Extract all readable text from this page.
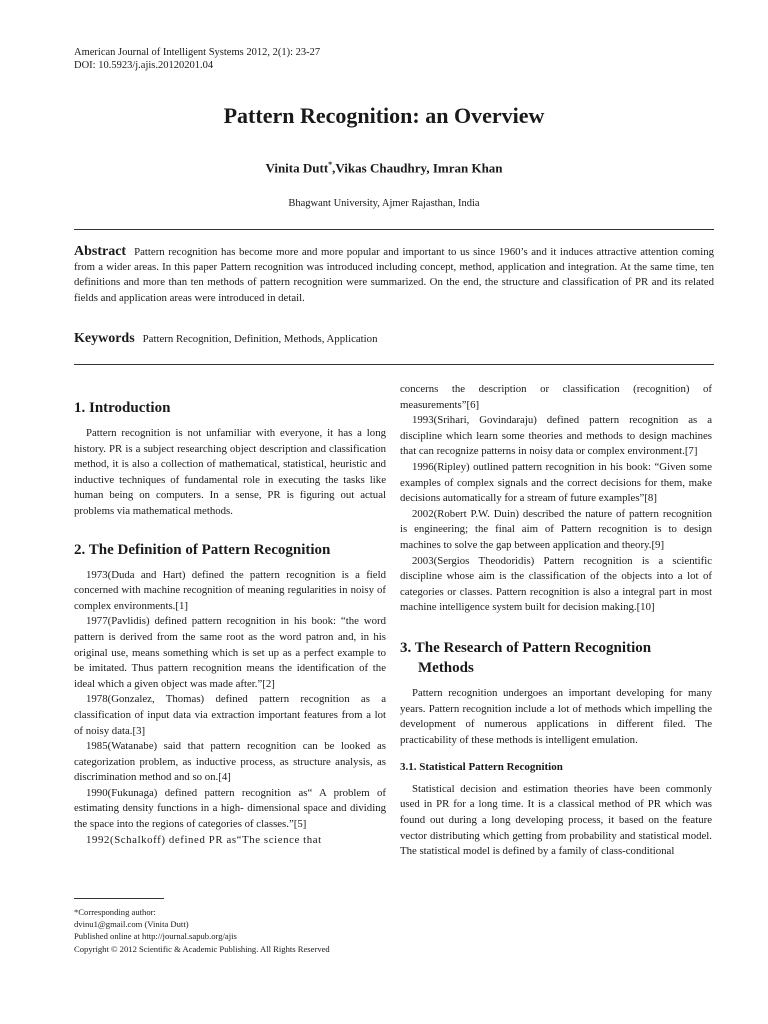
American Journal of Intelligent Systems 2012, 2(1): 23-27
DOI: 10.5923/j.ajis.20120201.04
Pattern Recognition: an Overview
Vinita Dutt*,Vikas Chaudhry, Imran Khan
Bhagwant University, Ajmer Rajasthan, India
Abstract Pattern recognition has become more and more popular and important to us since 1960’s and it induces attractive attention coming from a wider areas. In this paper Pattern recognition was introduced including concept, method, application and integration. At the same time, ten definitions and more than ten methods of pattern recognition were summarized. On the end, the structure and classification of PR and its related fields and application areas were introduced in detail.
Keywords Pattern Recognition, Definition, Methods, Application
1. Introduction

Pattern recognition is not unfamiliar with everyone, it has a long history. PR is a subject researching object description and classification method, it is also a collection of mathematical, statistical, heuristic and inductive techniques of fundamental role in executing the tasks like human being on computers. In a sense, PR is figuring out actual problems via mathematical methods.

2. The Definition of Pattern Recognition

1973(Duda and Hart) defined the pattern recognition is a field concerned with machine recognition of meaning regularities in noisy of complex environments.[1]

1977(Pavlidis) defined pattern recognition in his book: “the word pattern is derived from the same root as the word patron and, in his original use, means something which is set up as a perfect example to be imitated. Thus pattern recognition means the identification of the ideal which a given object was made after.”[2]

1978(Gonzalez, Thomas) defined pattern recognition as a classification of input data via extraction important features from a lot of noisy data.[3]

1985(Watanabe) said that pattern recognition can be looked as categorization problem, as inductive process, as structure analysis, as discrimination method and so on.[4]

1990(Fukunaga) defined pattern recognition as“ A problem of estimating density functions in a high- dimensional space and dividing the space into the regions of categories of classes.”[5]

1992(Schalkoff) defined PR as“The science that

concerns the description or classification (recognition) of measurements”[6]

1993(Srihari, Govindaraju) defined pattern recognition as a discipline which learn some theories and methods to design machines that can recognize patterns in noisy data or complex environment.[7]

1996(Ripley) outlined pattern recognition in his book: “Given some examples of complex signals and the correct decisions for them, make decisions automatically for a stream of future examples”[8]

2002(Robert P.W. Duin) described the nature of pattern recognition is engineering; the final aim of Pattern recognition is to design machines to solve the gap between application and theory.[9]

2003(Sergios Theodoridis) Pattern recognition is a scientific discipline whose aim is the classification of the objects into a lot of categories or classes. Pattern recognition is also a integral part in most machine intelligence system built for decision making.[10]

3. The Research of Pattern Recognition
Methods

Pattern recognition undergoes an important developing for many years. Pattern recognition include a lot of methods which impelling the development of numerous applications in different filed. The practicability of these methods is intelligent emulation.

3.1. Statistical Pattern Recognition

Statistical decision and estimation theories have been commonly used in PR for a long time. It is a classical method of PR which was found out during a long developing process, it based on the feature vector distributing which getting from probability and statistical model. The statistical model is defined by a family of class-conditional

*Corresponding author:
dvinu1@gmail.com (Vinita Dutt)
Published online at http://journal.sapub.org/ajis
Copyright © 2012 Scientific & Academic Publishing. All Rights Reserved
